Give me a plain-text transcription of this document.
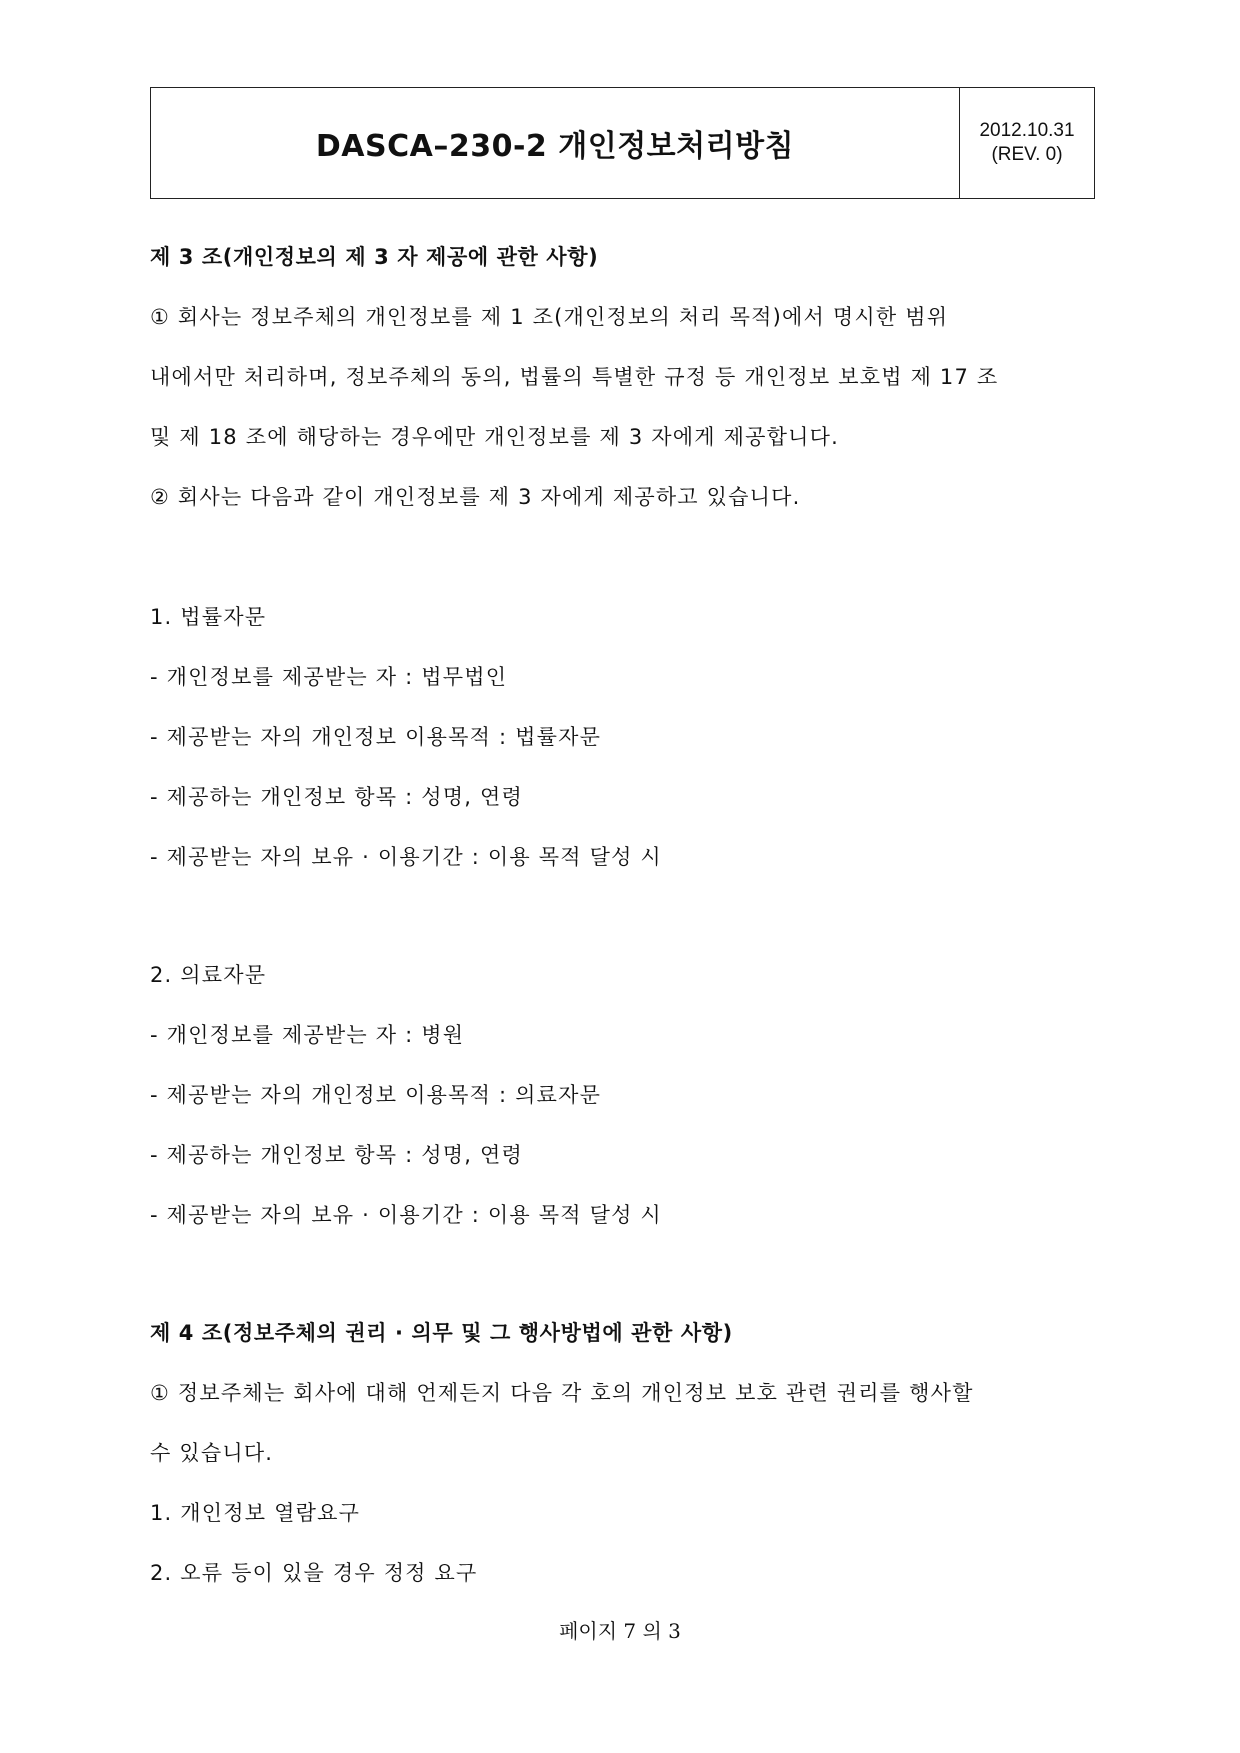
DASCA–230-2 개인정보처리방침	2012.10.31
(REV. 0)
제 3 조(개인정보의 제 3 자 제공에 관한 사항)
① 회사는 정보주체의 개인정보를 제 1 조(개인정보의 처리 목적)에서 명시한 범위
내에서만 처리하며, 정보주체의 동의, 법률의 특별한 규정 등 개인정보 보호법 제 17 조
및 제 18 조에 해당하는 경우에만 개인정보를 제 3 자에게 제공합니다.
② 회사는 다음과 같이 개인정보를 제 3 자에게 제공하고 있습니다.
1. 법률자문
- 개인정보를 제공받는 자 : 법무법인
- 제공받는 자의 개인정보 이용목적 : 법률자문
- 제공하는 개인정보 항목 : 성명, 연령
- 제공받는 자의 보유 · 이용기간 : 이용 목적 달성 시
2. 의료자문
- 개인정보를 제공받는 자 : 병원
- 제공받는 자의 개인정보 이용목적 : 의료자문
- 제공하는 개인정보 항목 : 성명, 연령
- 제공받는 자의 보유 · 이용기간 : 이용 목적 달성 시
제 4 조(정보주체의 권리 · 의무 및 그 행사방법에 관한 사항)
① 정보주체는 회사에 대해 언제든지 다음 각 호의 개인정보 보호 관련 권리를 행사할
수 있습니다.
1. 개인정보 열람요구
2. 오류 등이 있을 경우 정정 요구
페이지 7 의 3
